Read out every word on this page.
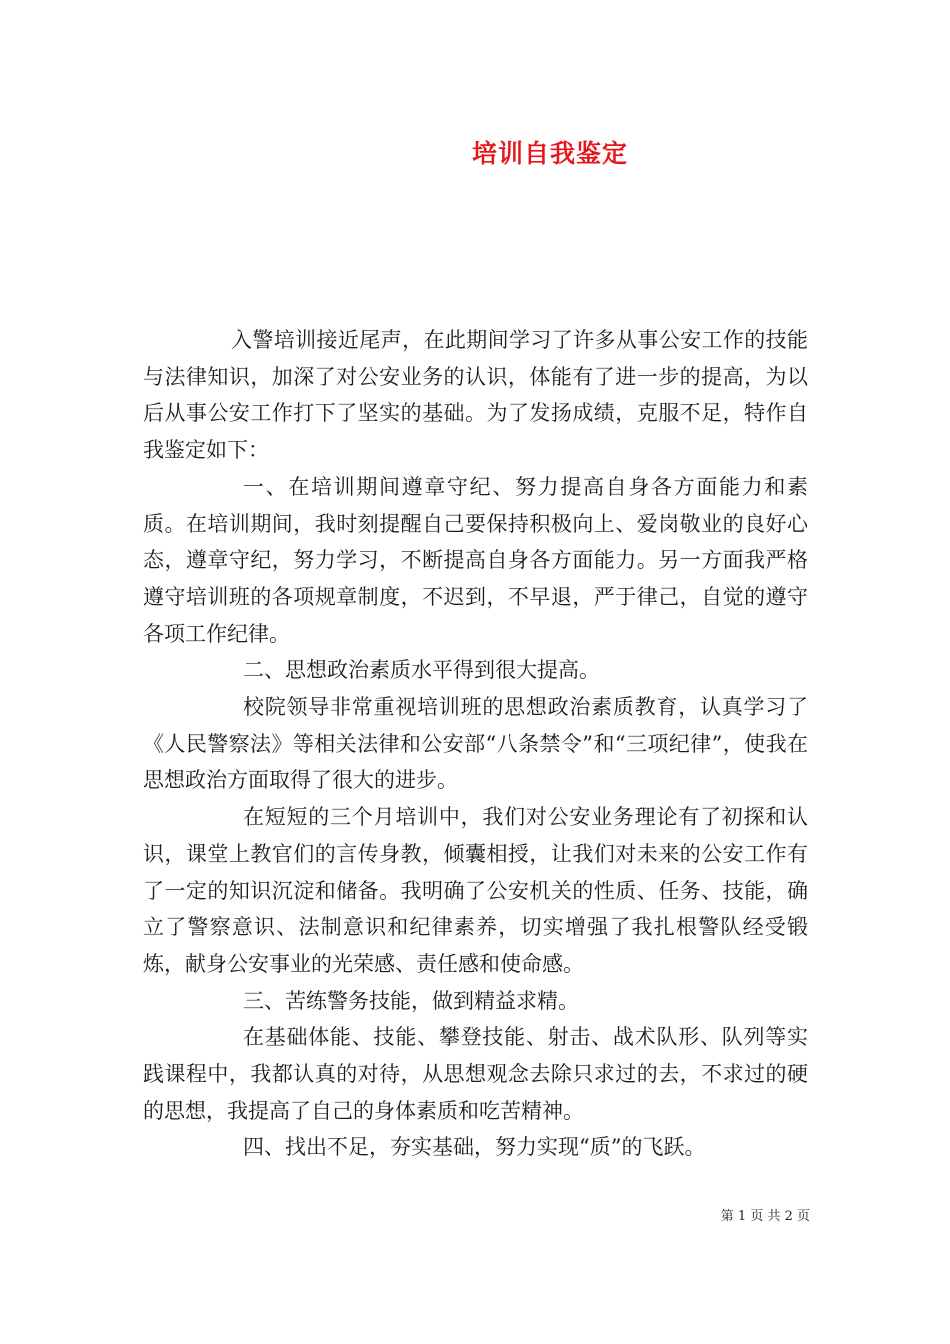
培训自我鉴定

入警培训接近尾声，在此期间学习了许多从事公安工作的技能与法律知识，加深了对公安业务的认识，体能有了进一步的提高，为以后从事公安工作打下了坚实的基础。为了发扬成绩，克服不足，特作自我鉴定如下：

一、在培训期间遵章守纪、努力提高自身各方面能力和素质。在培训期间，我时刻提醒自己要保持积极向上、爱岗敬业的良好心态，遵章守纪，努力学习，不断提高自身各方面能力。另一方面我严格遵守培训班的各项规章制度，不迟到，不早退，严于律己，自觉的遵守各项工作纪律。

二、思想政治素质水平得到很大提高。

校院领导非常重视培训班的思想政治素质教育，认真学习了《人民警察法》等相关法律和公安部“八条禁令”和“三项纪律”，使我在思想政治方面取得了很大的进步。

在短短的三个月培训中，我们对公安业务理论有了初探和认识，课堂上教官们的言传身教，倾囊相授，让我们对未来的公安工作有了一定的知识沉淀和储备。我明确了公安机关的性质、任务、技能，确立了警察意识、法制意识和纪律素养，切实增强了我扎根警队经受锻炼，献身公安事业的光荣感、责任感和使命感。

三、苦练警务技能，做到精益求精。

在基础体能、技能、攀登技能、射击、战术队形、队列等实践课程中，我都认真的对待，从思想观念去除只求过的去，不求过的硬的思想，我提高了自己的身体素质和吃苦精神。

四、找出不足，夯实基础，努力实现“质”的飞跃。

第 1 页 共 2 页
